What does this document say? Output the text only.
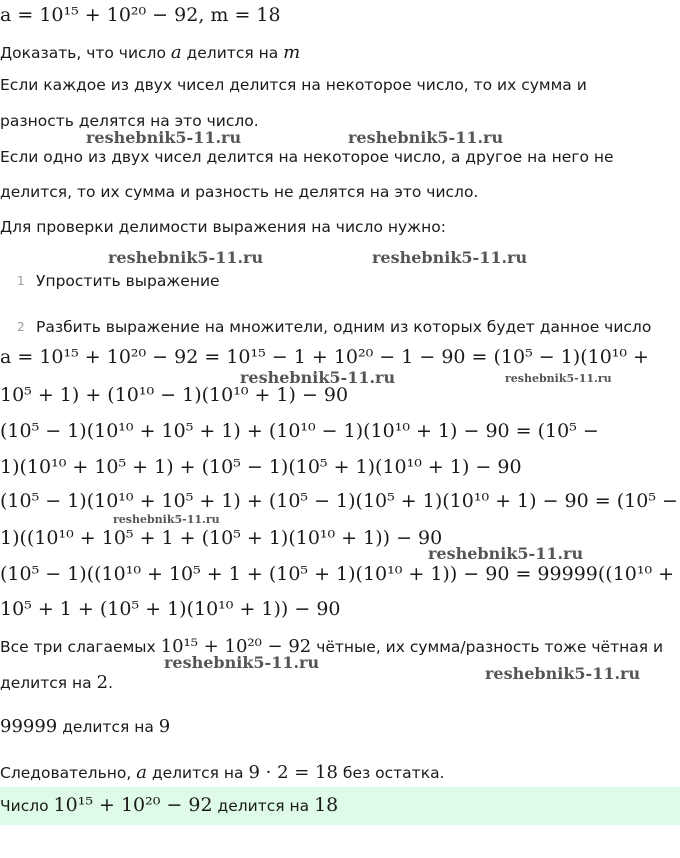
a = 10¹⁵ + 10²⁰ − 92, m = 18
Доказать, что число a делится на m
Если каждое из двух чисел делится на некоторое число, то их сумма и
разность делятся на это число.
Если одно из двух чисел делится на некоторое число, а другое на него не
делится, то их сумма и разность не делятся на это число.
Для проверки делимости выражения на число нужно:
1 Упростить выражение
2 Разбить выражение на множители, одним из которых будет данное число
a = 10¹⁵ + 10²⁰ − 92 = 10¹⁵ − 1 + 10²⁰ − 1 − 90 = (10⁵ − 1)(10¹⁰ +
10⁵ + 1) + (10¹⁰ − 1)(10¹⁰ + 1) − 90
(10⁵ − 1)(10¹⁰ + 10⁵ + 1) + (10¹⁰ − 1)(10¹⁰ + 1) − 90 = (10⁵ −
1)(10¹⁰ + 10⁵ + 1) + (10⁵ − 1)(10⁵ + 1)(10¹⁰ + 1) − 90
(10⁵ − 1)(10¹⁰ + 10⁵ + 1) + (10⁵ − 1)(10⁵ + 1)(10¹⁰ + 1) − 90 = (10⁵ −
1)((10¹⁰ + 10⁵ + 1 + (10⁵ + 1)(10¹⁰ + 1)) − 90
(10⁵ − 1)((10¹⁰ + 10⁵ + 1 + (10⁵ + 1)(10¹⁰ + 1)) − 90 = 99999((10¹⁰ +
10⁵ + 1 + (10⁵ + 1)(10¹⁰ + 1)) − 90
Все три слагаемых 10¹⁵ + 10²⁰ − 92 чётные, их сумма/разность тоже чётная и
делится на 2.
99999 делится на 9
Следовательно, a делится на 9 · 2 = 18 без остатка.
Число 10¹⁵ + 10²⁰ − 92 делится на 18
reshebnik5-11.ru	reshebnik5-11.ru
reshebnik5-11.ru	reshebnik5-11.ru
reshebnik5-11.ru	reshebnik5-11.ru
reshebnik5-11.ru
reshebnik5-11.ru
reshebnik5-11.ru
reshebnik5-11.ru
